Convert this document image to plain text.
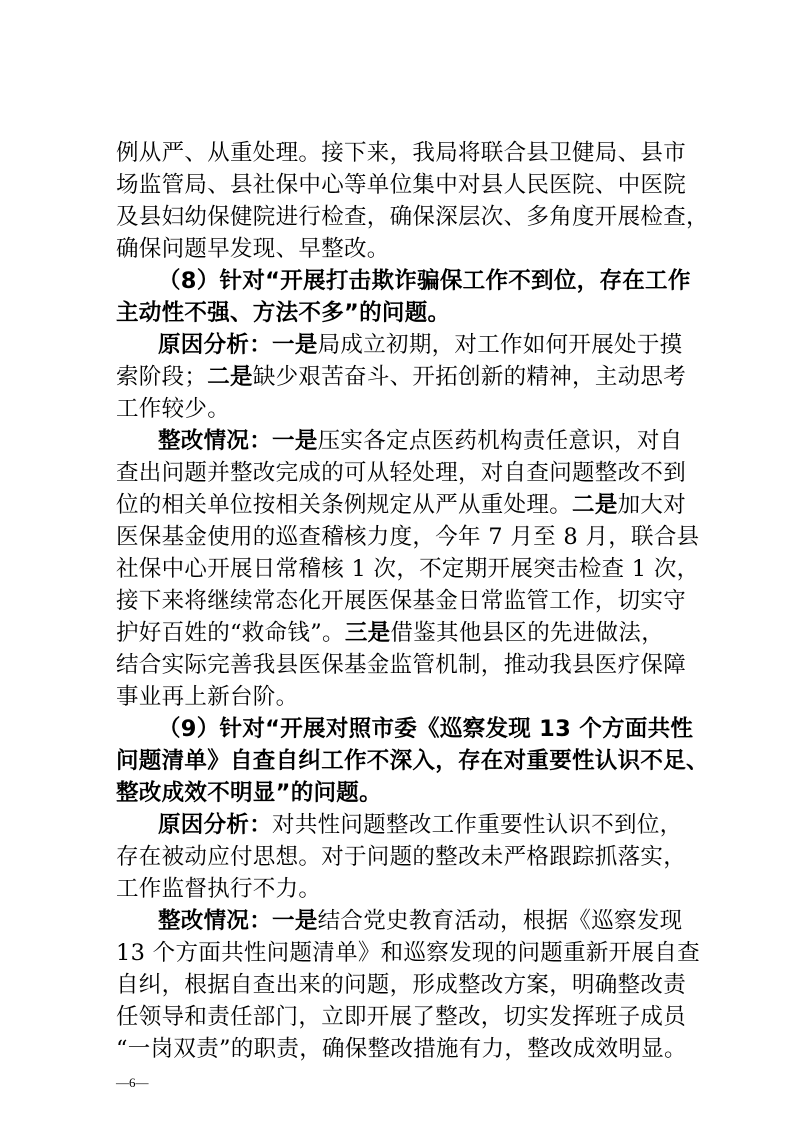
例从严、从重处理。接下来，我局将联合县卫健局、县市
场监管局、县社保中心等单位集中对县人民医院、中医院
及县妇幼保健院进行检查，确保深层次、多角度开展检查，
确保问题早发现、早整改。
（8）针对“开展打击欺诈骗保工作不到位，存在工作
主动性不强、方法不多”的问题。
原因分析：一是局成立初期，对工作如何开展处于摸
索阶段；二是缺少艰苦奋斗、开拓创新的精神，主动思考
工作较少。
整改情况：一是压实各定点医药机构责任意识，对自
查出问题并整改完成的可从轻处理，对自查问题整改不到
位的相关单位按相关条例规定从严从重处理。二是加大对
医保基金使用的巡查稽核力度，今年 7 月至 8 月，联合县
社保中心开展日常稽核 1 次，不定期开展突击检查 1 次，
接下来将继续常态化开展医保基金日常监管工作，切实守
护好百姓的“救命钱”。三是借鉴其他县区的先进做法，
结合实际完善我县医保基金监管机制，推动我县医疗保障
事业再上新台阶。
（9）针对“开展对照市委《巡察发现 13 个方面共性
问题清单》自查自纠工作不深入，存在对重要性认识不足、
整改成效不明显”的问题。
原因分析：对共性问题整改工作重要性认识不到位，
存在被动应付思想。对于问题的整改未严格跟踪抓落实，
工作监督执行不力。
整改情况：一是结合党史教育活动，根据《巡察发现
13 个方面共性问题清单》和巡察发现的问题重新开展自查
自纠，根据自查出来的问题，形成整改方案，明确整改责
任领导和责任部门，立即开展了整改，切实发挥班子成员
“一岗双责”的职责，确保整改措施有力，整改成效明显。
—6—
